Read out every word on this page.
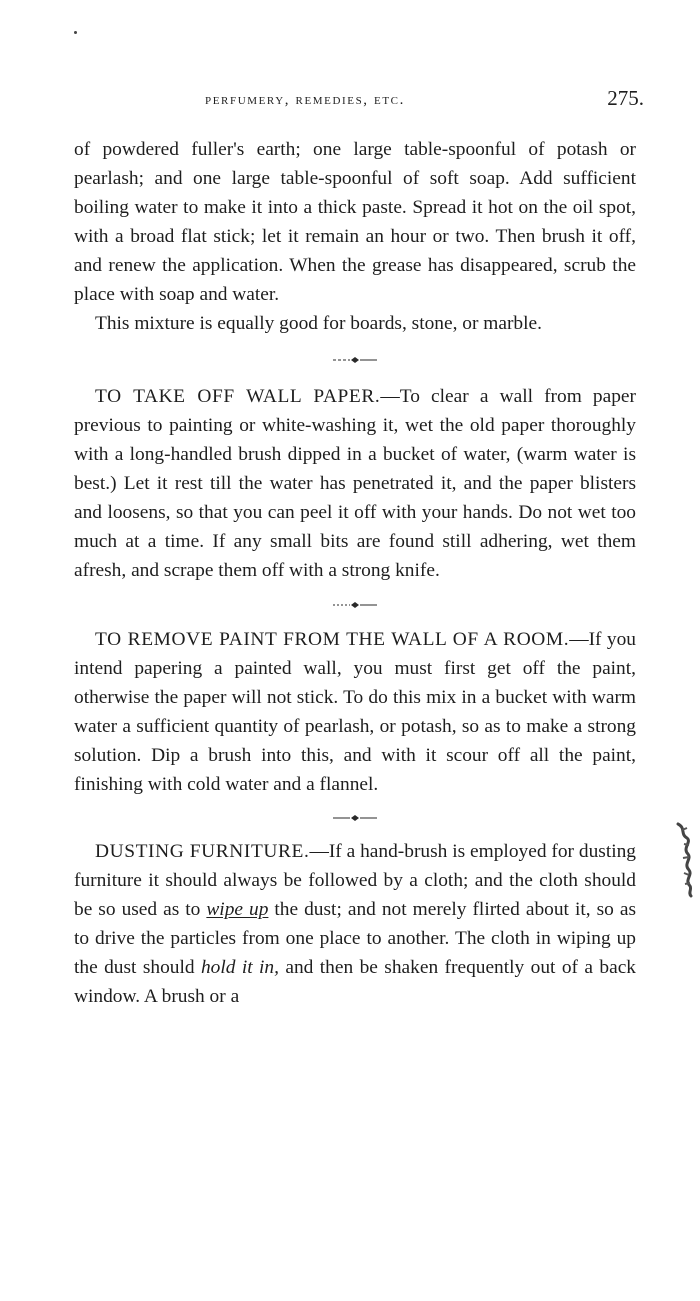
perfumery, remedies, etc.	275.

of powdered fuller's earth; one large table-spoonful of potash or pearlash; and one large table-spoonful of soft soap. Add sufficient boiling water to make it into a thick paste. Spread it hot on the oil spot, with a broad flat stick; let it remain an hour or two. Then brush it off, and renew the application. When the grease has disappeared, scrub the place with soap and water.

This mixture is equally good for boards, stone, or marble.

TO TAKE OFF WALL PAPER.—To clear a wall from paper previous to painting or white-washing it, wet the old paper thoroughly with a long-handled brush dipped in a bucket of water, (warm water is best.) Let it rest till the water has penetrated it, and the paper blisters and loosens, so that you can peel it off with your hands. Do not wet too much at a time. If any small bits are found still adhering, wet them afresh, and scrape them off with a strong knife.

TO REMOVE PAINT FROM THE WALL OF A ROOM.—If you intend papering a painted wall, you must first get off the paint, otherwise the paper will not stick. To do this mix in a bucket with warm water a sufficient quantity of pearlash, or potash, so as to make a strong solution. Dip a brush into this, and with it scour off all the paint, finishing with cold water and a flannel.

DUSTING FURNITURE.—If a hand-brush is employed for dusting furniture it should always be followed by a cloth; and the cloth should be so used as to wipe up the dust; and not merely flirted about it, so as to drive the particles from one place to another. The cloth in wiping up the dust should hold it in, and then be shaken frequently out of a back window. A brush or a
